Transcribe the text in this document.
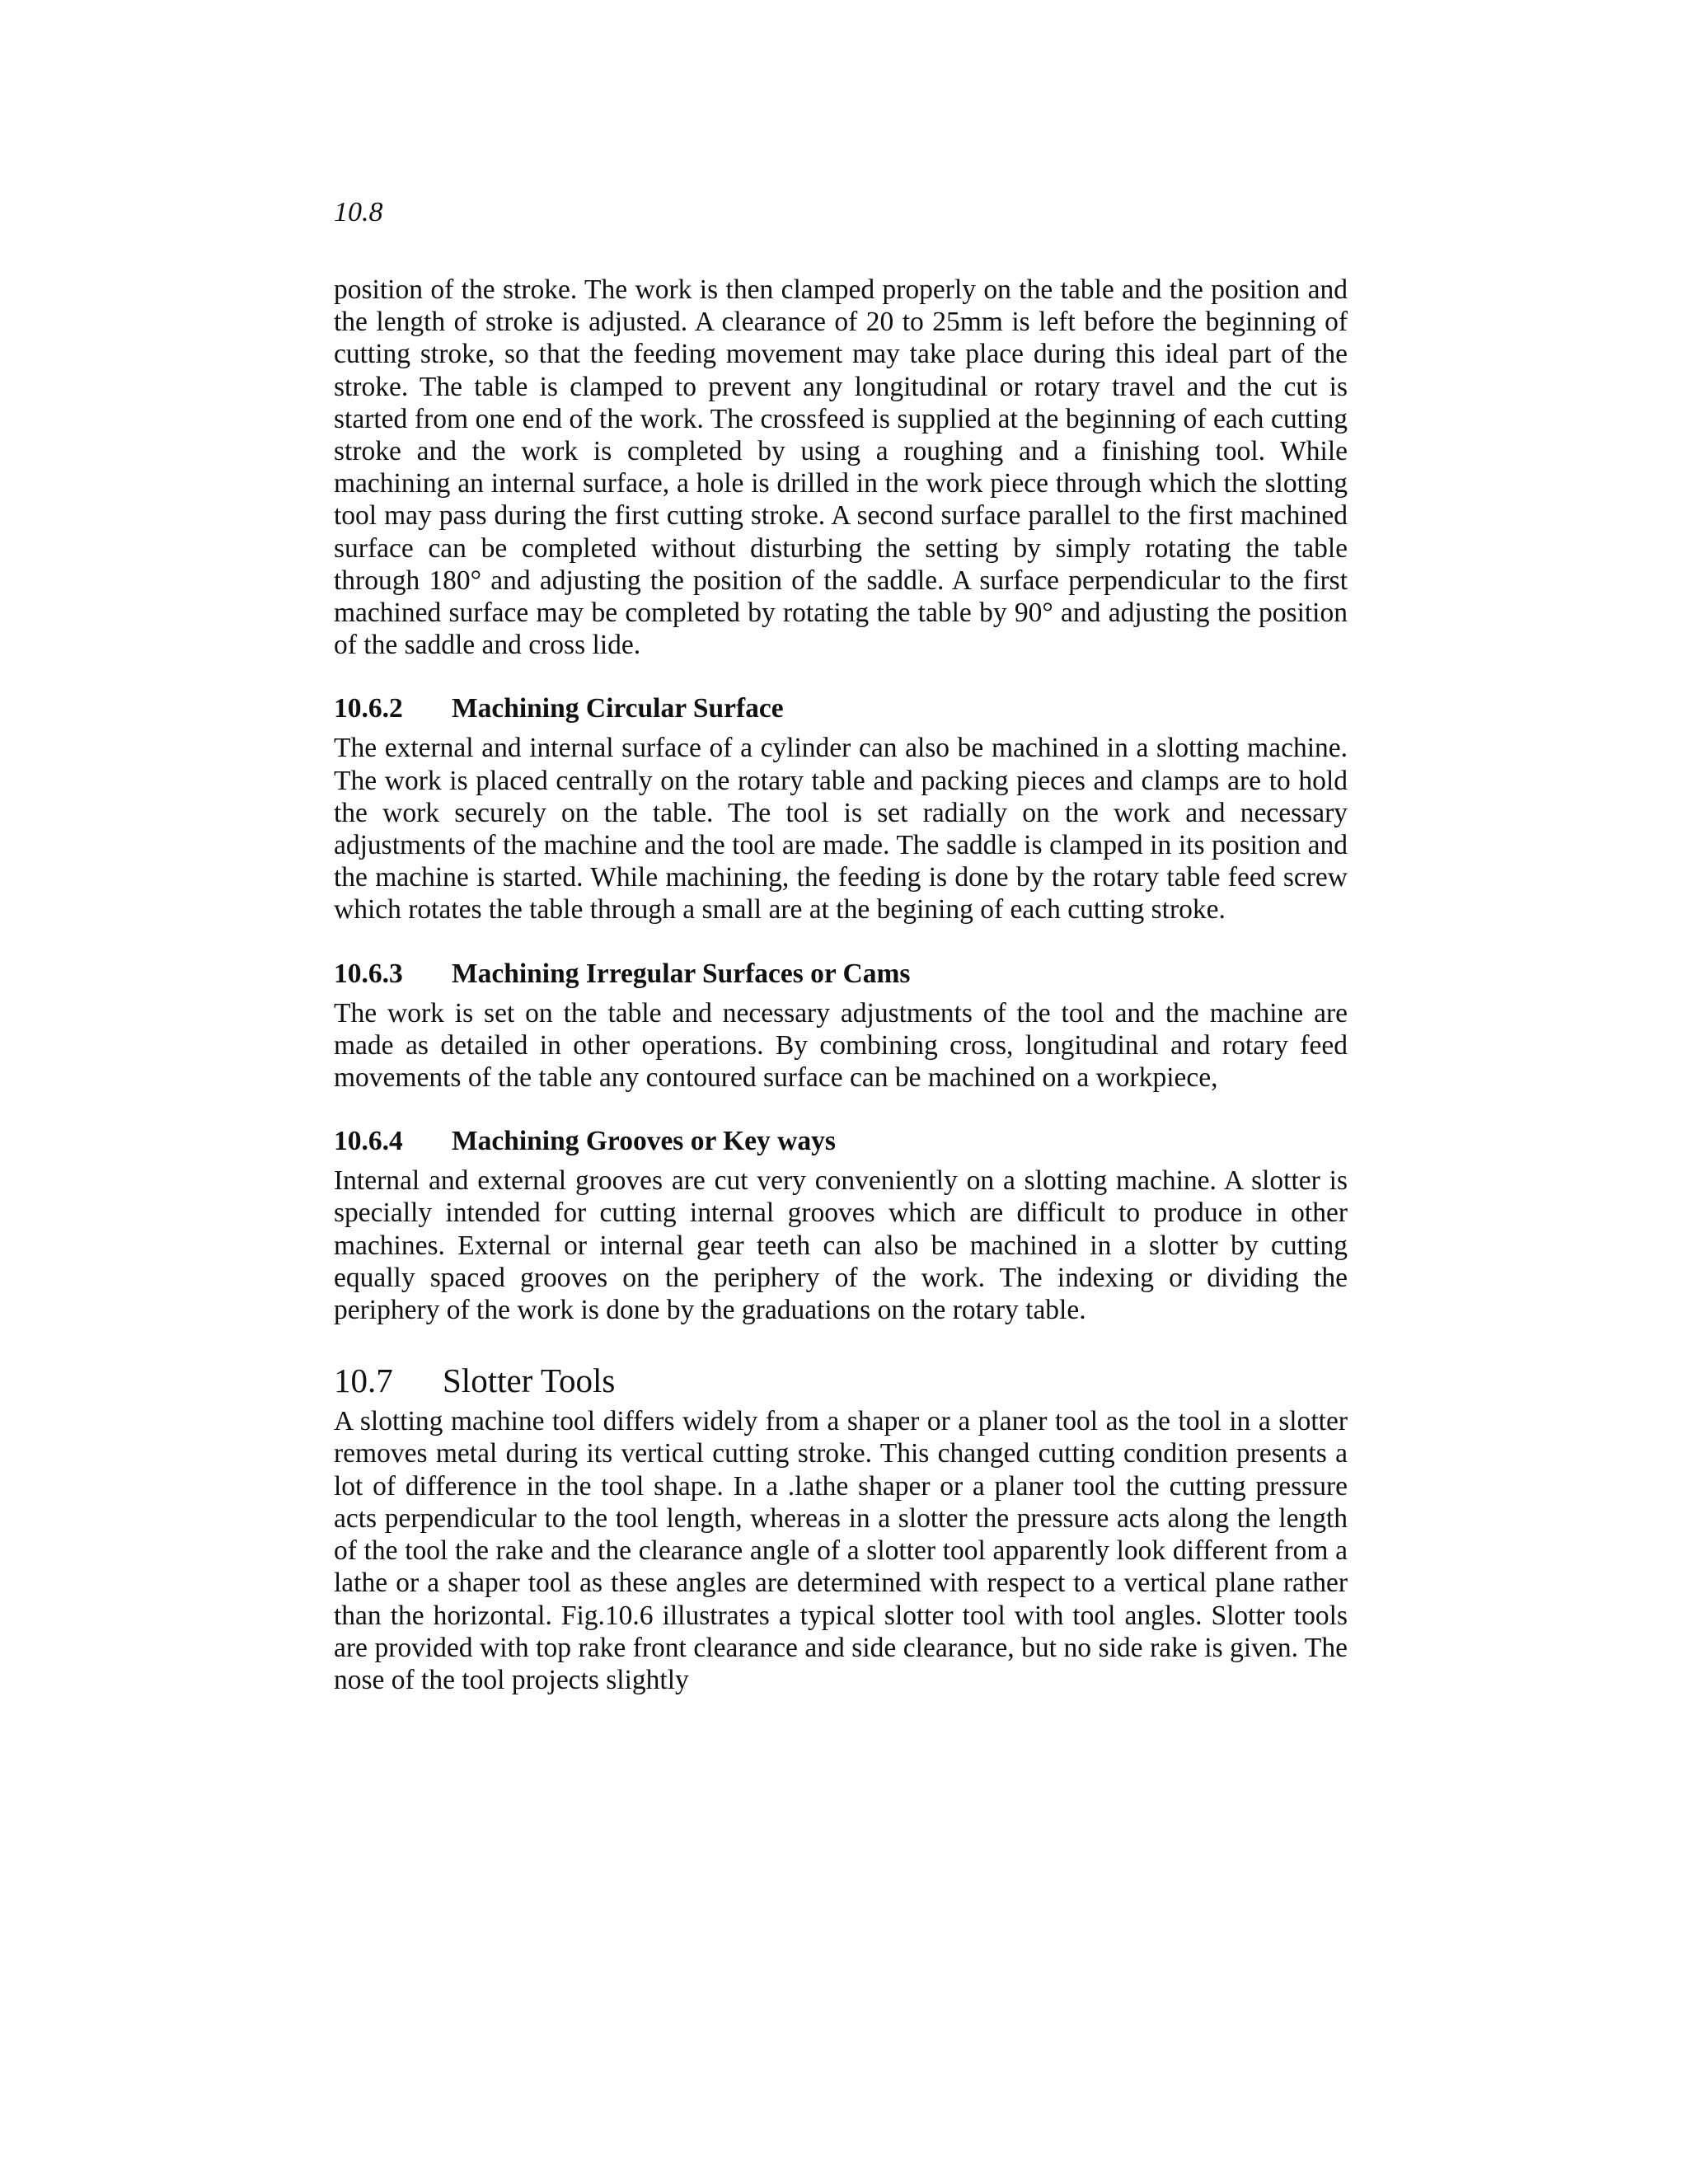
10.8

position of the stroke. The work is then clamped properly on the table and the position and the length of stroke is adjusted. A clearance of 20 to 25mm is left before the beginning of cutting stroke, so that the feeding movement may take place during this ideal part of the stroke. The table is clamped to prevent any longitudinal or rotary travel and the cut is started from one end of the work. The crossfeed is supplied at the beginning of each cutting stroke and the work is completed by using a roughing and a finishing tool. While machining an internal surface, a hole is drilled in the work piece through which the slotting tool may pass during the first cutting stroke. A second surface parallel to the first machined surface can be completed without disturbing the setting by simply rotating the table through 180° and adjusting the position of the saddle. A surface perpendicular to the first machined surface may be completed by rotating the table by 90° and adjusting the position of the saddle and cross lide.

10.6.2 Machining Circular Surface

The external and internal surface of a cylinder can also be machined in a slotting machine. The work is placed centrally on the rotary table and packing pieces and clamps are to hold the work securely on the table. The tool is set radially on the work and necessary adjustments of the machine and the tool are made. The saddle is clamped in its position and the machine is started. While machining, the feeding is done by the rotary table feed screw which rotates the table through a small are at the begining of each cutting stroke.

10.6.3 Machining Irregular Surfaces or Cams

The work is set on the table and necessary adjustments of the tool and the machine are made as detailed in other operations. By combining cross, longitudinal and rotary feed movements of the table any contoured surface can be machined on a workpiece,

10.6.4 Machining Grooves or Key ways

Internal and external grooves are cut very conveniently on a slotting machine. A slotter is specially intended for cutting internal grooves which are difficult to produce in other machines. External or internal gear teeth can also be machined in a slotter by cutting equally spaced grooves on the periphery of the work. The indexing or dividing the periphery of the work is done by the graduations on the rotary table.

10.7 Slotter Tools

A slotting machine tool differs widely from a shaper or a planer tool as the tool in a slotter removes metal during its vertical cutting stroke. This changed cutting condition presents a lot of difference in the tool shape. In a .lathe shaper or a planer tool the cutting pressure acts perpendicular to the tool length, whereas in a slotter the pressure acts along the length of the tool the rake and the clearance angle of a slotter tool apparently look different from a lathe or a shaper tool as these angles are determined with respect to a vertical plane rather than the horizontal. Fig.10.6 illustrates a typical slotter tool with tool angles. Slotter tools are provided with top rake front clearance and side clearance, but no side rake is given. The nose of the tool projects slightly
